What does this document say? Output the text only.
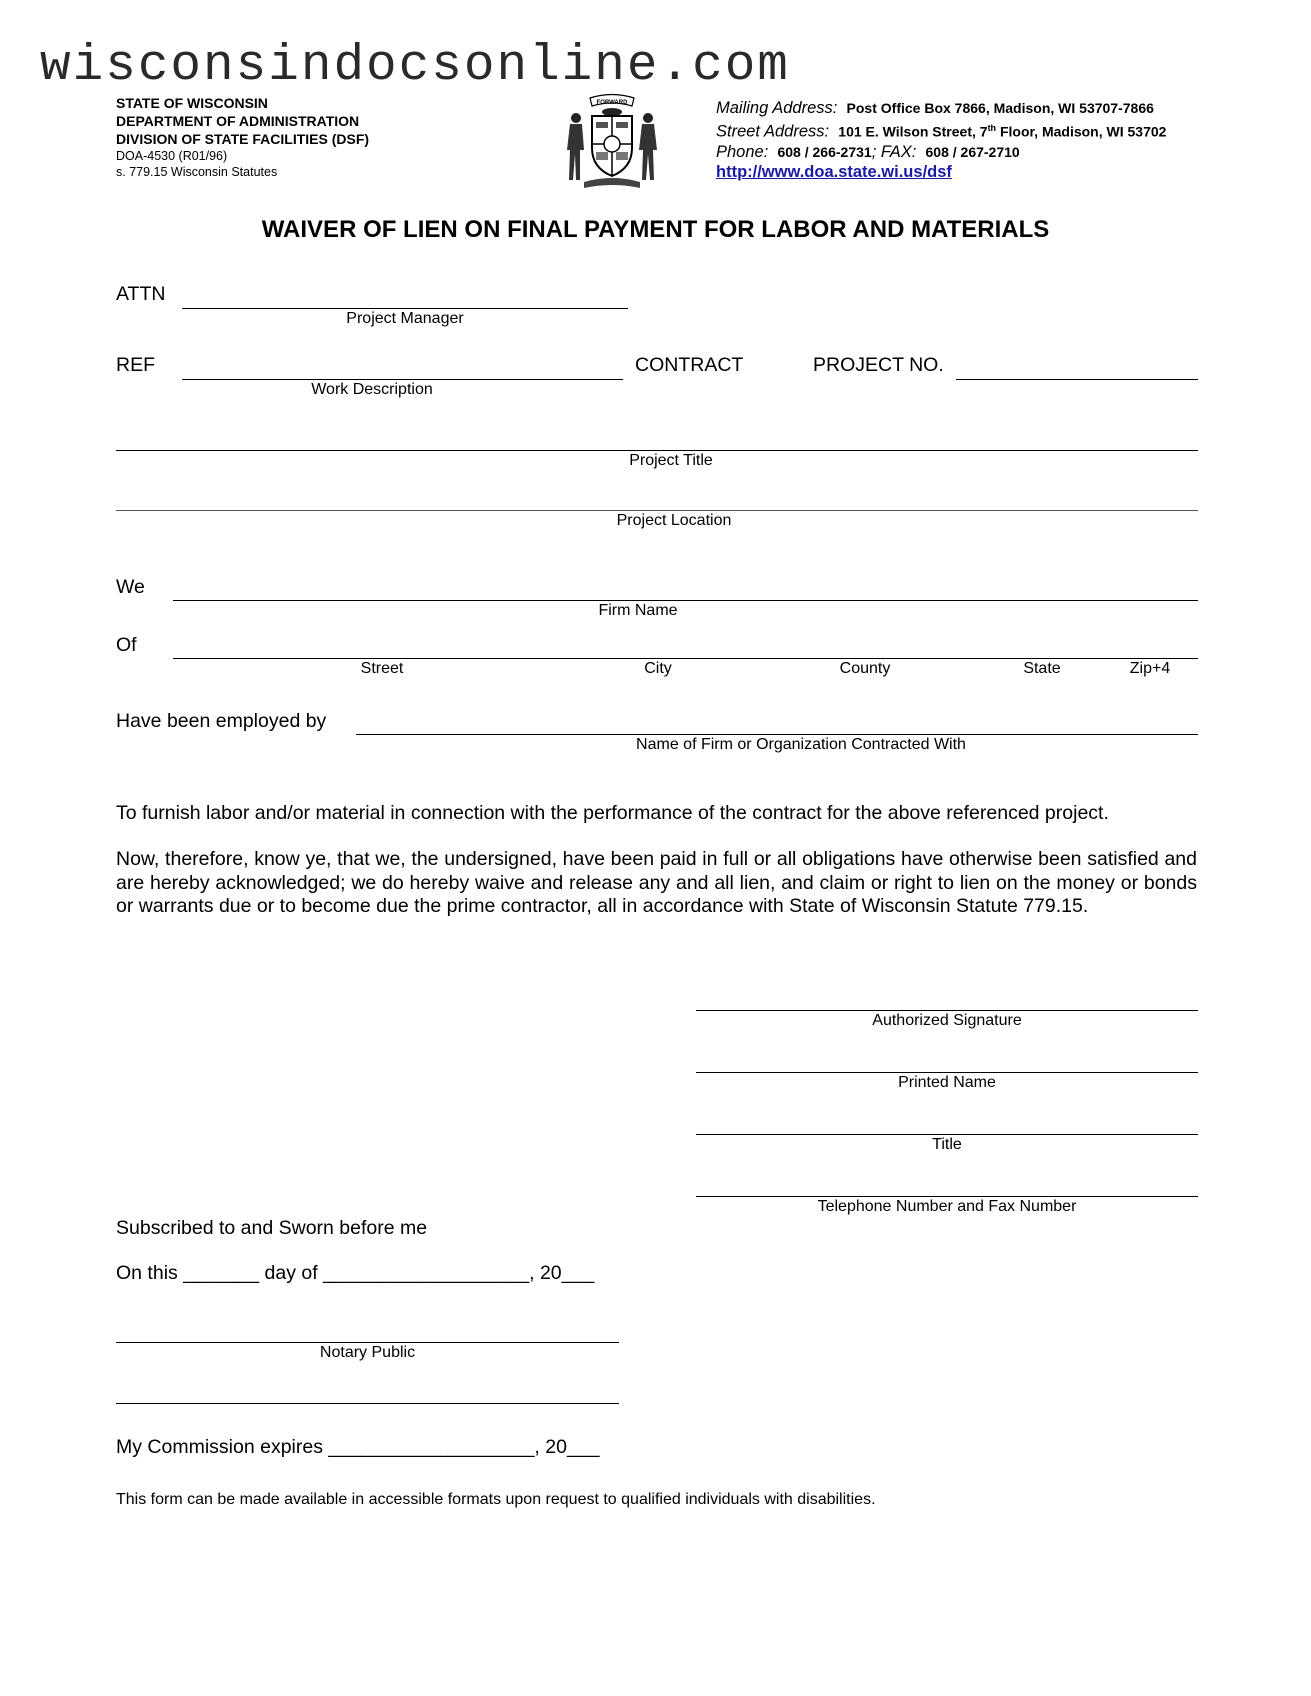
wisconsindocsonline.com
STATE OF WISCONSIN
DEPARTMENT OF ADMINISTRATION
DIVISION OF STATE FACILITIES (DSF)
DOA-4530 (R01/96)
s. 779.15 Wisconsin Statutes
FORWARD	Mailing Address:  Post Office Box 7866, Madison, WI 53707-7866
Street Address:  101 E. Wilson Street, 7th Floor, Madison, WI 53702
Phone:  608 / 266-2731; FAX:  608 / 267-2710
http://www.doa.state.wi.us/dsf
WAIVER OF LIEN ON FINAL PAYMENT FOR LABOR AND MATERIALS
ATTN
Project Manager
REF
Work Description
CONTRACT	PROJECT NO.
Project Title
Project Location
We
Firm Name
Of
Street	City	County	State	Zip+4
Have been employed by
Name of Firm or Organization Contracted With
To furnish labor and/or material in connection with the performance of the contract for the above referenced project.
Now, therefore, know ye, that we, the undersigned, have been paid in full or all obligations have otherwise been satisfied and are hereby acknowledged; we do hereby waive and release any and all lien, and claim or right to lien on the money or bonds or warrants due or to become due the prime contractor, all in accordance with State of Wisconsin Statute 779.15.
Authorized Signature
Printed Name
Title
Telephone Number and Fax Number
Subscribed to and Sworn before me
On this _______ day of ___________________, 20___
Notary Public
My Commission expires ___________________, 20___
This form can be made available in accessible formats upon request to qualified individuals with disabilities.
